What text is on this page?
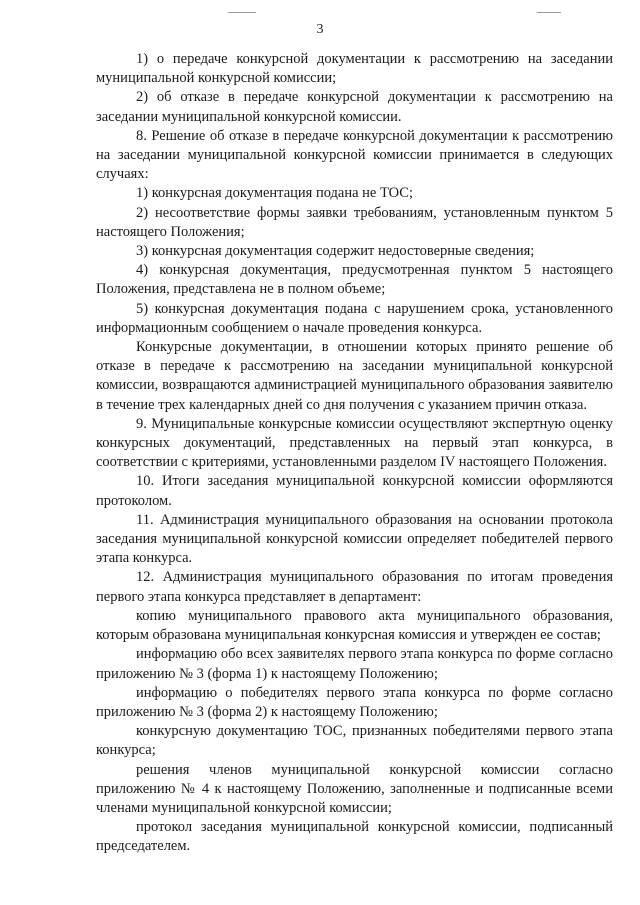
3

1) о передаче конкурсной документации к рассмотрению на заседании муниципальной конкурсной комиссии;

2) об отказе в передаче конкурсной документации к рассмотрению на заседании муниципальной конкурсной комиссии.

8. Решение об отказе в передаче конкурсной документации к рассмотрению на заседании муниципальной конкурсной комиссии принимается в следующих случаях:

1) конкурсная документация подана не ТОС;

2) несоответствие формы заявки требованиям, установленным пунктом 5 настоящего Положения;

3) конкурсная документация содержит недостоверные сведения;

4) конкурсная документация, предусмотренная пунктом 5 настоящего Положения, представлена не в полном объеме;

5) конкурсная документация подана с нарушением срока, установленного информационным сообщением о начале проведения конкурса.

Конкурсные документации, в отношении которых принято решение об отказе в передаче к рассмотрению на заседании муниципальной конкурсной комиссии, возвращаются администрацией муниципального образования заявителю в течение трех календарных дней со дня получения с указанием причин отказа.

9. Муниципальные конкурсные комиссии осуществляют экспертную оценку конкурсных документаций, представленных на первый этап конкурса, в соответствии с критериями, установленными разделом IV настоящего Положения.

10. Итоги заседания муниципальной конкурсной комиссии оформляются протоколом.

11. Администрация муниципального образования на основании протокола заседания муниципальной конкурсной комиссии определяет победителей первого этапа конкурса.

12. Администрация муниципального образования по итогам проведения первого этапа конкурса представляет в департамент:

копию муниципального правового акта муниципального образования, которым образована муниципальная конкурсная комиссия и утвержден ее состав;

информацию обо всех заявителях первого этапа конкурса по форме согласно приложению № 3 (форма 1) к настоящему Положению;

информацию о победителях первого этапа конкурса по форме согласно приложению № 3 (форма 2) к настоящему Положению;

конкурсную документацию ТОС, признанных победителями первого этапа конкурса;

решения членов муниципальной конкурсной комиссии согласно приложению № 4 к настоящему Положению, заполненные и подписанные всеми членами муниципальной конкурсной комиссии;

протокол заседания муниципальной конкурсной комиссии, подписанный председателем.
